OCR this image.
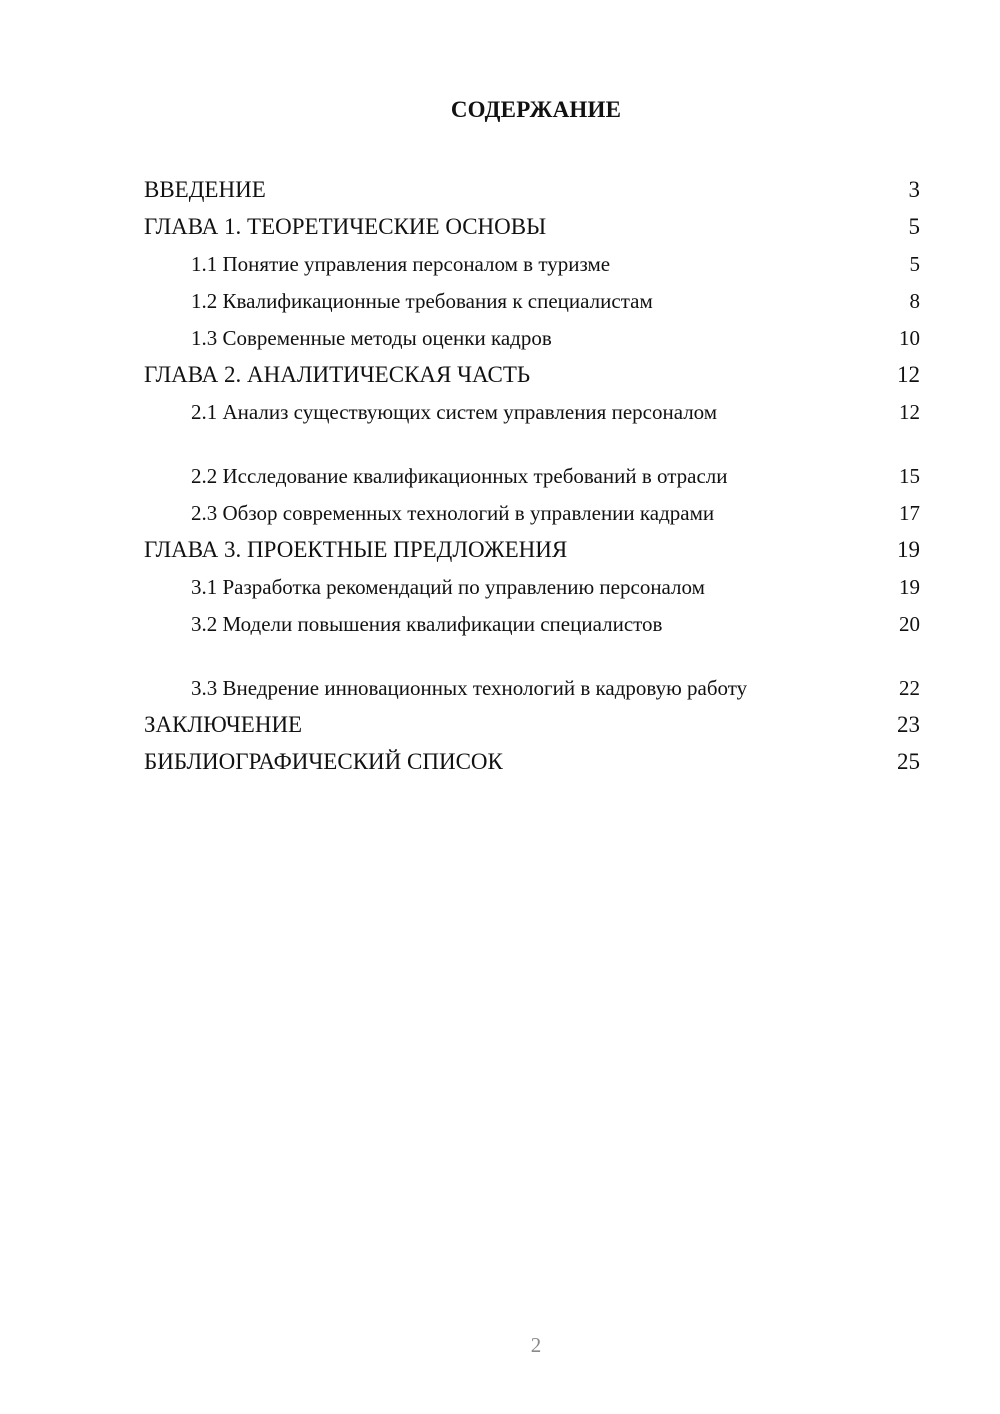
СОДЕРЖАНИЕ
ВВЕДЕНИЕ	3
ГЛАВА 1. ТЕОРЕТИЧЕСКИЕ ОСНОВЫ	5
1.1 Понятие управления персоналом в туризме	5
1.2 Квалификационные требования к специалистам	8
1.3 Современные методы оценки кадров	10
ГЛАВА 2. АНАЛИТИЧЕСКАЯ ЧАСТЬ	12
2.1 Анализ существующих систем управления персоналом	12
2.2 Исследование квалификационных требований в отрасли	15
2.3 Обзор современных технологий в управлении кадрами	17
ГЛАВА 3. ПРОЕКТНЫЕ ПРЕДЛОЖЕНИЯ	19
3.1 Разработка рекомендаций по управлению персоналом	19
3.2 Модели повышения квалификации специалистов	20
3.3 Внедрение инновационных технологий в кадровую работу	22
ЗАКЛЮЧЕНИЕ	23
БИБЛИОГРАФИЧЕСКИЙ СПИСОК	25
2
